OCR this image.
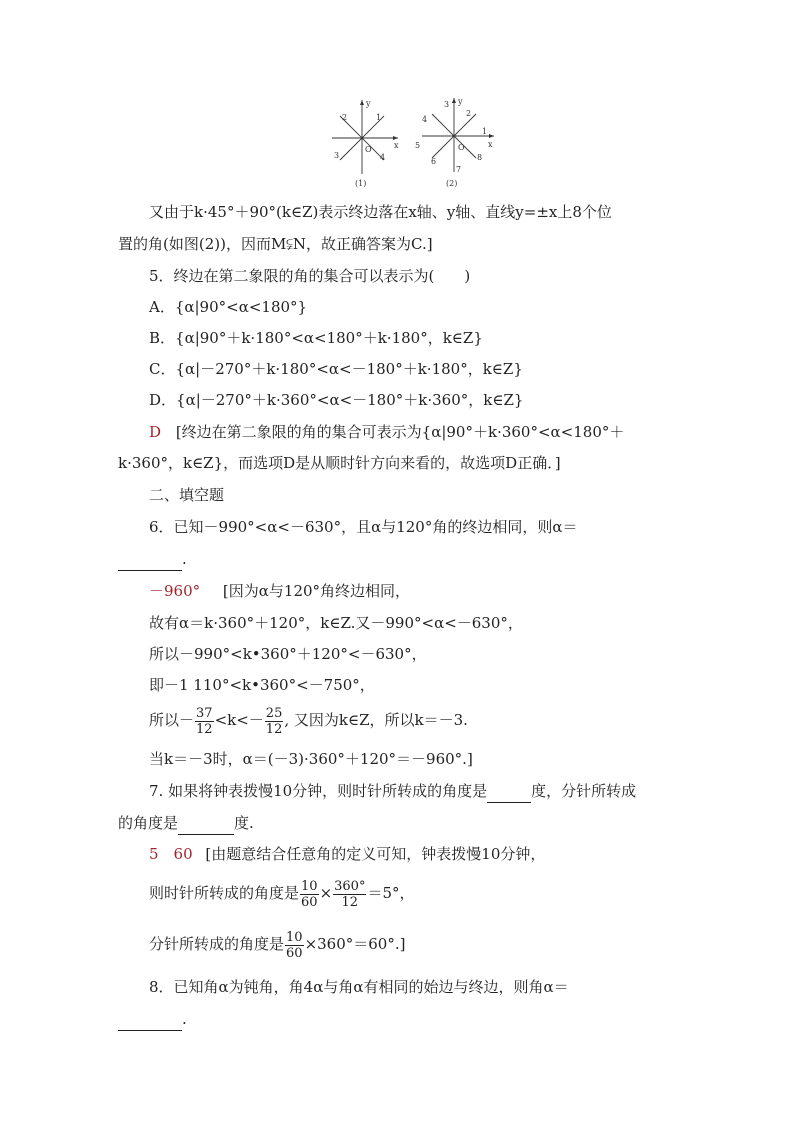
y
x
O
1
2
3	4
(1)
y
x
O
1
2
3
4
5
6
7
8
(2)
又由于k·45°＋90°(k∈Z)表示终边落在x轴、y轴、直线y=±x上8个位
置的角(如图(2))，因而M⫋N，故正确答案为C.]
5．终边在第二象限的角的集合可以表示为(　　)
A．{α|90°<α<180°}
B．{α|90°＋k·180°<α<180°＋k·180°，k∈Z}
C．{α|－270°＋k·180°<α<－180°＋k·180°，k∈Z}
D．{α|－270°＋k·360°<α<－180°＋k·360°，k∈Z}
D [终边在第二象限的角的集合可表示为{α|90°＋k·360°<α<180°＋
k·360°，k∈Z}，而选项D是从顺时针方向来看的，故选项D正确．]
二、填空题
6．已知－990°<α<－630°，且α与120°角的终边相同，则α＝
.
－960° [因为α与120°角终边相同，
故有α＝k·360°＋120°，k∈Z.又－990°<α<－630°，
所以－990°<k•360°＋120°<－630°，
即－1 110°<k•360°<－750°，
所以－ $\frac{37}{12} <k<- \frac{25}{12}$ , 又因为k∈Z，所以k＝－3.
当k＝－3时，α＝(－3)·360°＋120°＝－960°.]
7. 如果将钟表拨慢10分钟，则时针所转成的角度是	度，分针所转成
的角度是	度.
5　60 [由题意结合任意角的定义可知，钟表拨慢10分钟，
则时针所转成的角度是 $\frac{10}{60} \times \frac{360^\circ}{12} =5^\circ$，
分针所转成的角度是 $\frac{10}{60} \times 360^\circ=60^\circ$.]
8．已知角α为钝角，角4α与角α有相同的始边与终边，则角α＝
.
